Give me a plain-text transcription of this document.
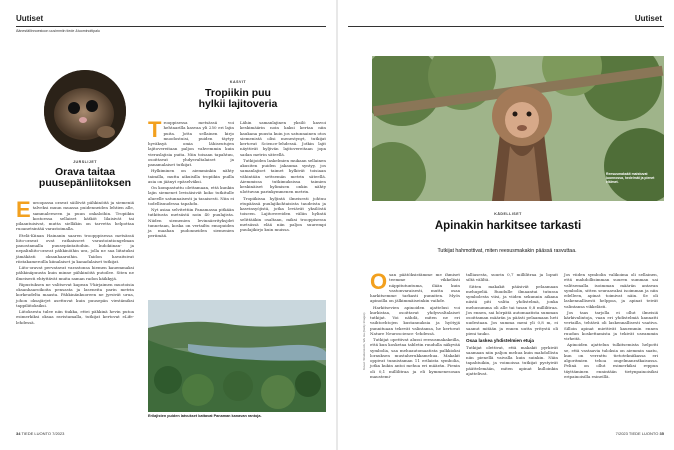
Uutiset
Ääneställinnoestoon uusimmiin tiede &tuominoitipalu
JURSLIJET
Orava taitaa
puusepänliitoksen

Euroopassa oravat säilövät pähkinöitä ja siemeniä talveksi muun muassa puidenneiden lehtien alle, sammaleeseen ja puun onkaloihin. Tropiikin kostoessa sellaiset kätköt lilaisivät tai pilaantuisivat, mutta sielläkin on tarvetta helpottaa ruoanetsintää varastoimalla.

Etelä-Kiinan Hainanin saaren troopppisessa metsässä liito-oravat ovat ratkaisseet varastointiongelman panostamalla puusepäntaitoihin. Indokiinan- ja nepalinliito-oravat pähkinöihin ura, jolla ne saa liitatuksi jämäkästi oksanhaaroihin. Taidon havaitsivat riistakameroilla kiinalaiset ja kanadalaiset tutkijat.

Liito-oravat pervatavat varastonsa hiemen kauemmaksi pähkinäpuusta kuin minne pähkinöitä putoilee. Siten ne ilmeisesti ehtyttävät muita saman radon käikkyjä.

Ripustuksen ne valitsevat kapean Y-kirjaimen muotoisia oksanhaaroikoita pensasta ja laseneita parin metrin korkeudelta maasta. Pähkinänkuoreen ne jyrsivät urua, johon oksajärjet asettuvat kuin puusepän viestämiksi tappiliitoksiksi.

Liitoksesta tulee niin tiukka, ettei pähkinä hevin putoa esimerkiksi oksaa ravistamalla, tutkijat kertovat eLife-lehdessä.

KASVIT
Tropiikin puu
hylkii lajitoveria

Trooppisessa metsässä voi hehtaarilla kasvaa yli 250 eri lajin puita. Jotta sellainen kirjo muodostuisi, puiden täytyy hyväksyä omia lähiseutujen lajitovereitaan paljon vahvemmin kuin vieraslajisia puita. Niin toisaan tapahtuu, osoittavat yhdysvaltalaiset ja panamalaiset tutkijat.

Hylkiminen on aiemminkin nähty taimilla, mutta aikuisilla tropiikin puilla asia on jäänyt epäselväksi.

On kompastuttu olettamaan, että kunkin lajin siemenet levisäisivät koko tutkitulle alueelle satunnaisesti ja tasaisesti. Niin ei todellisuudessa tapahdu.

Nyt asiaa selvitettiin Panamassa pitkään tutkitusta metsästä noin 40 puulajista. Niiden siemenien levinnäerityksjdet tunnetaan, koska on vertailtu emopuiden ja maahan pudonneiden siemenien periimää.

Lähin samanlajinen yksilö kasvoi keskimäärin noin kaksi kertaa niin kaukana puusta kuin jos satunnainen otos siemenistä olisi menestynyt, tutkijat kertovat Science-lehdessä. Jotkin lajit näyttivät hyljivän lajitovereitaan jopa sadan metrin säteellä.

Tutkijoiden laskelmien mukaan sellainen akusiten puiden jakauma syntyy, jos samanlajiset taimet hylkivät toisiaan vähintään settsemän metrin säteellä. Aiemmissa tutkimuksissa taimien keskinäiset hylimisen onkin nähty ulottuvan parinkymmenen metrin.

Tropiikissa hyljintä ilmeisesti johtuu etupäässä puulajikohtaisista taudeista ja kasvinsyöjistä, jotka leviävät yksilöstä toiseen. Lajitovereiden väliin hylintä selittääkin osaltaan, miksi trooppisessa metsässä elää niin paljon suurempi puulajikirjo kuin muissa.

Erilajisten puiden latvukset kattavat Panaman kanavan rantoja.
34 TIEDE LUONTO 7/2023
Uutiset
Reesusmakakit maistuvat luonnossa, hedelmät ja pienet eläimet.
Kuvat: Shutterstock, Wu Ha (Getty Images)
KÄDELLISET
Apinakin harkitsee tarkasti
Tutkijat hahmottivat, miten reesusmakakin päässä rasvuttaa.

Osan päätöksistämme me ihmiset teemme vikkelästi näppitutuntuma, ilään kuin vastonvaraisesti, mutta osaa harkitsemme tarkasti punniten. Myös apinoilla on jälkimmäiseinkin vaihde.

Harkitsevien apinoiden ajattelusi voi kurkistaa, osoittavat yhdysvaltalaiset tutkijat. Voi nähdä, miten ne eri vaihtoehtojen kustannuksia ja hyötyjä punnituaan tekevät valintansa, he kertovat Nature Neuroscience -lehdessä.

Tutkijat opettivat alussi reesusmakakeilla, että kun kosketaa tabletin ruudulla näkyvää symbolia, saa mehuautomaatista palkkioksi lorauksen mustaherukkamehua. Makakit oppivat tunnistaman 11 erilaista symbolia, jotka kukin antoi mehua eri määrän. Pienin oli 0,1 millilitraa ja eli kymmenesosan maustemi-

talliasesta, suurin 0,7 millilitraa ja lopuit siltä väliltä.

Sitten makakit pääsivät pelaamaan mehupeliä. Ruudulle ilmaantui tutussa symbolesta viisi, ja viiden sekunnin aikana niistä piti valita yhdistelmä, jonka mehusumma oli alle tai tasan 0,8 millilitraa. Jos ennen, sai hörpätä automaatista summan osoittaman määrän ja päästi pelaamaan heti uudestaan. Jos summa meni yli 0,8 m, ei saanut mitään ja ennen uutta yritystä oli pieni tauko.

Osaa laskea yhdistelmien etuja

Tutkijat olettivat, että makakit pyrkivät saamaan niin paljon mehua kuin mahdollista niin pienellä vaivalla kuin suinkin. Näin tapahtuikin, ja voimoissa tutkijat pystyivät päättelemään, miten apinat kulloinkin ajattelivat.

Jos viiden symbolin valikoima oli sellainen, että mahdollisimman suuren summan sai valitsemalla isoimman määrän antavan symbolin, sitten seuraavaksi isoimman ja niin edelleen, apinat toimivat näin. Se oli laskennallisesti helppoa, ja apinat teivät valintansa vikkelästi.

Jos taas tarjolla ei ollut ilmeisiä kärkivalintoja, vaan eri yhdistelmiä kannatti vertailla, tehtävä oli laskennallisesti vaativa. Silloin apinat miettivät kauemmin ennen ruudun koskettamista ja tekivät useammin virheitä.

Apinoiden ajattelun tulkitsemista helpotti se, että vastaavia tuloksia on aiemmin saatu, kun on verrattu tietotekniikassa eri algoritmien tehoa ongelmanratkaisussa. Pelinä on ollut esimerkiksi reppun täyttäminen ennintään tietynpainoisiksi eripainoisilla esineillä.

7/2023 TIEDE LUONTO 35
